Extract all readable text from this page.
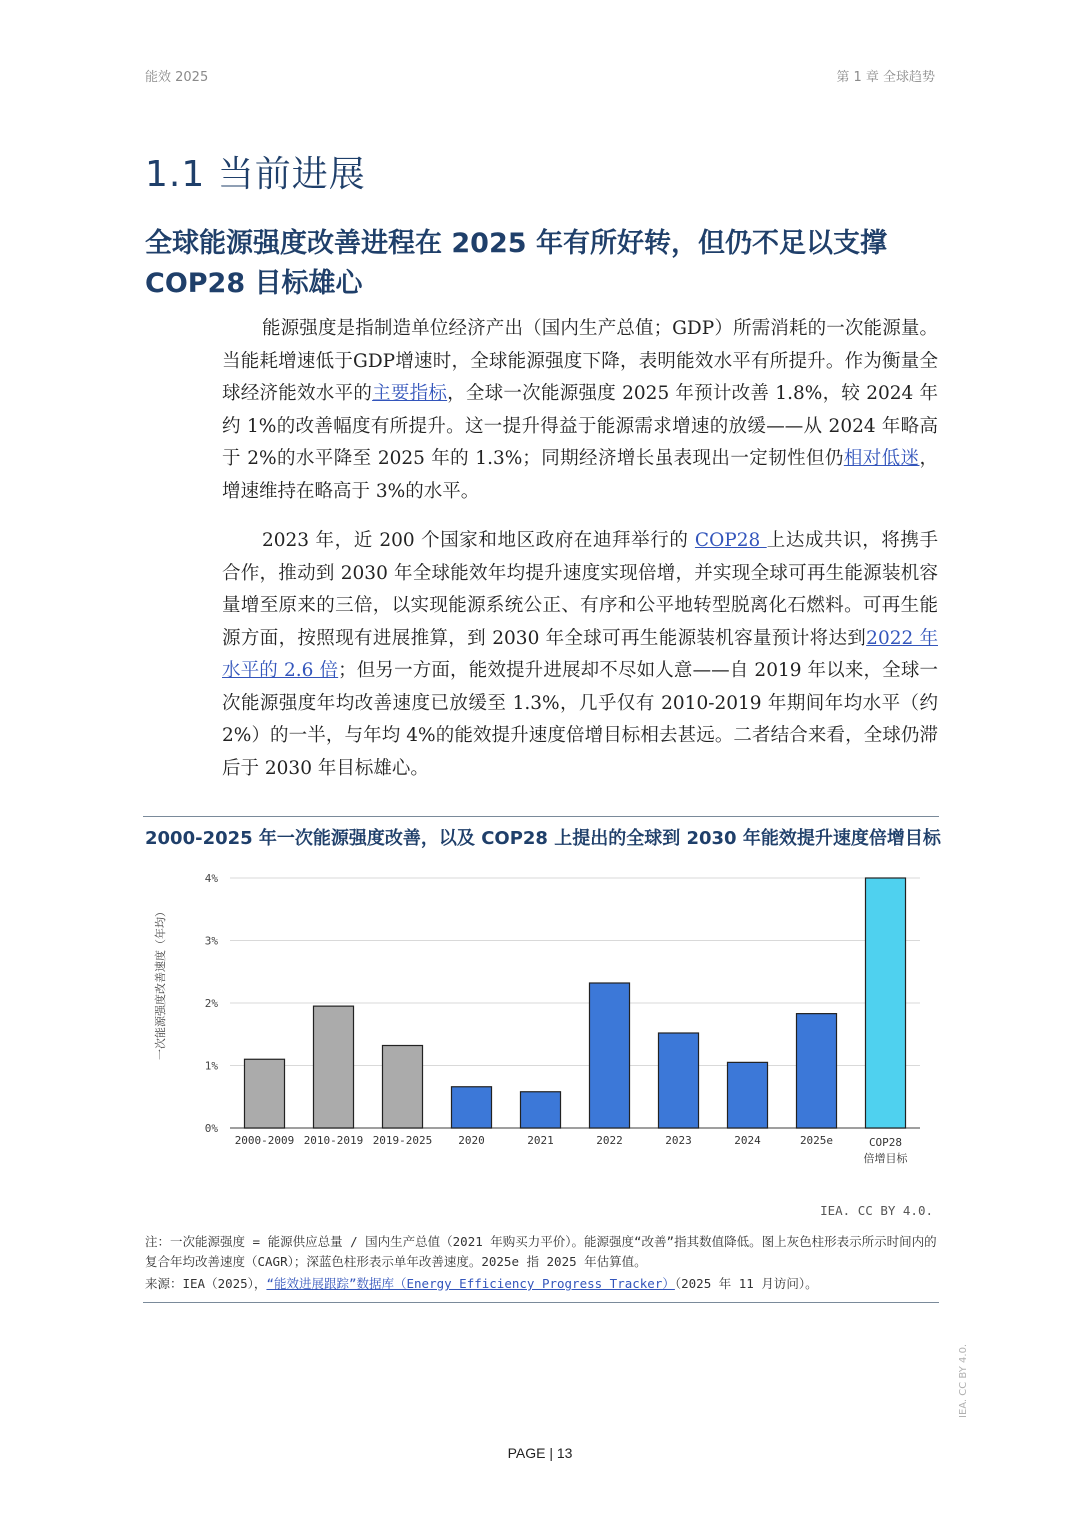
能效 2025	第 1 章 全球趋势
1.1 当前进展
全球能源强度改善进程在 2025 年有所好转，但仍不足以支撑 COP28 目标雄心
能源强度是指制造单位经济产出（国内生产总值；GDP）所需消耗的一次能源量。当能耗增速低于GDP增速时，全球能源强度下降，表明能效水平有所提升。作为衡量全球经济能效水平的主要指标，全球一次能源强度 2025 年预计改善 1.8%，较 2024 年约 1%的改善幅度有所提升。这一提升得益于能源需求增速的放缓——从 2024 年略高于 2%的水平降至 2025 年的 1.3%；同期经济增长虽表现出一定韧性但仍相对低迷，增速维持在略高于 3%的水平。
2023 年，近 200 个国家和地区政府在迪拜举行的 COP28 上达成共识，将携手合作，推动到 2030 年全球能效年均提升速度实现倍增，并实现全球可再生能源装机容量增至原来的三倍，以实现能源系统公正、有序和公平地转型脱离化石燃料。可再生能源方面，按照现有进展推算，到 2030 年全球可再生能源装机容量预计将达到2022 年水平的 2.6 倍；但另一方面，能效提升进展却不尽如人意——自 2019 年以来，全球一次能源强度年均改善速度已放缓至 1.3%，几乎仅有 2010-2019 年期间年均水平（约 2%）的一半，与年均 4%的能效提升速度倍增目标相去甚远。二者结合来看，全球仍滞后于 2030 年目标雄心。
2000-2025 年一次能源强度改善，以及 COP28 上提出的全球到 2030 年能效提升速度倍增目标
0%
1%
2%
3%
4%
一次能源强度改善速度（年均）
2000-2009 2010-2019 2019-2025 2020	2021	2022	2023	2024	2025e	COP28
倍增目标
IEA. CC BY 4.0.
注：一次能源强度 = 能源供应总量 / 国内生产总值（2021 年购买力平价）。能源强度“改善”指其数值降低。图上灰色柱形表示所示时间内的复合年均改善速度（CAGR）；深蓝色柱形表示单年改善速度。2025e 指 2025 年估算值。
来源：IEA（2025），“能效进展跟踪”数据库（Energy Efficiency Progress Tracker）（2025 年 11 月访问）。
PAGE | 13
IEA. CC BY 4.0.
